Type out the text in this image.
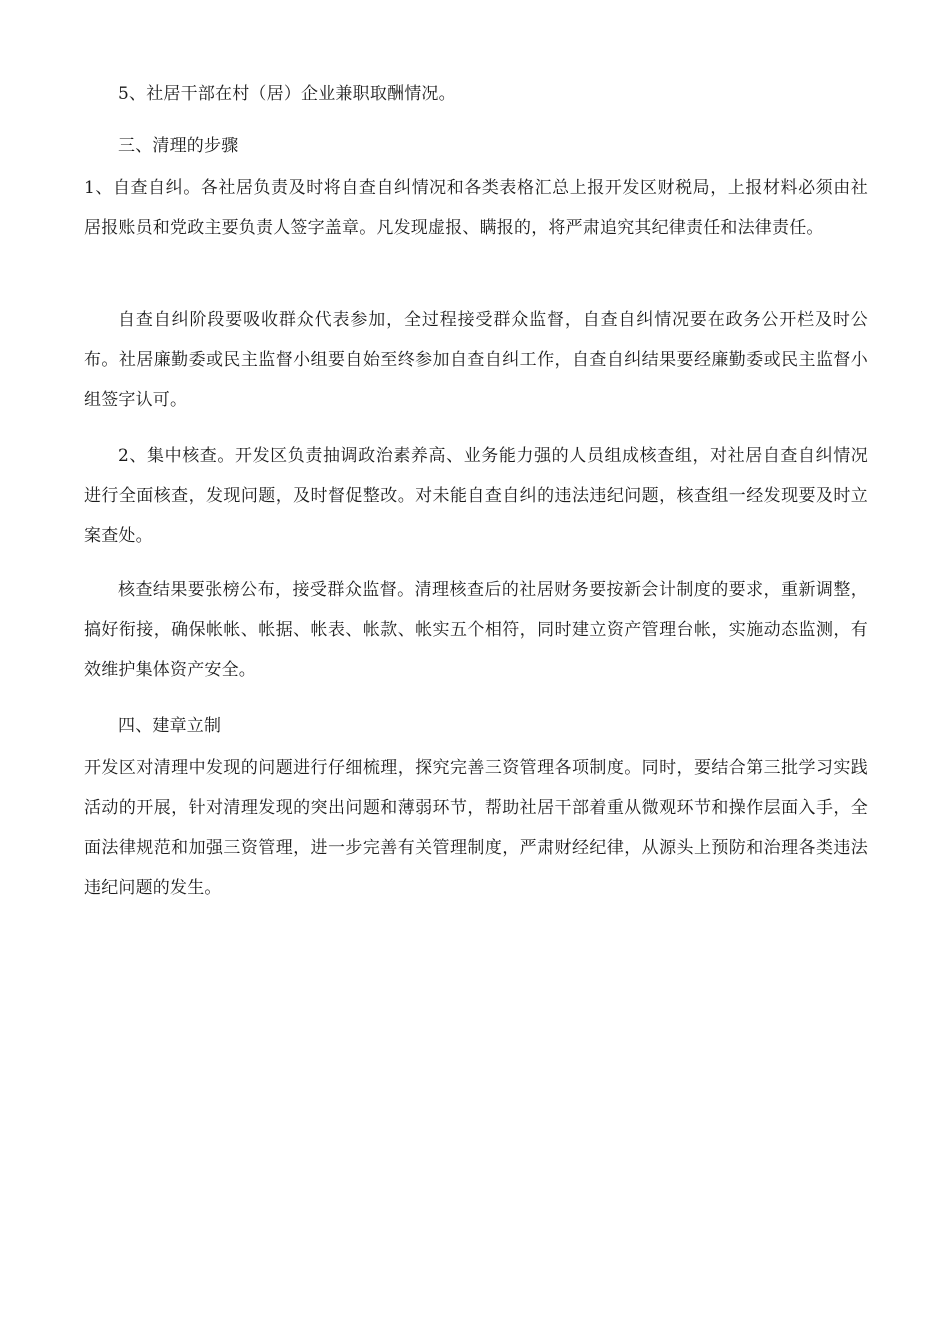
5、社居干部在村（居）企业兼职取酬情况。

三、清理的步骤

1、自查自纠。各社居负责及时将自查自纠情况和各类表格汇总上报开发区财税局，上报材料必须由社居报账员和党政主要负责人签字盖章。凡发现虚报、瞒报的，将严肃追究其纪律责任和法律责任。

自查自纠阶段要吸收群众代表参加，全过程接受群众监督，自查自纠情况要在政务公开栏及时公布。社居廉勤委或民主监督小组要自始至终参加自查自纠工作，自查自纠结果要经廉勤委或民主监督小组签字认可。

2、集中核查。开发区负责抽调政治素养高、业务能力强的人员组成核查组，对社居自查自纠情况进行全面核查，发现问题，及时督促整改。对未能自查自纠的违法违纪问题，核查组一经发现要及时立案查处。

核查结果要张榜公布，接受群众监督。清理核查后的社居财务要按新会计制度的要求，重新调整，搞好衔接，确保帐帐、帐据、帐表、帐款、帐实五个相符，同时建立资产管理台帐，实施动态监测，有效维护集体资产安全。

四、建章立制

开发区对清理中发现的问题进行仔细梳理，探究完善三资管理各项制度。同时，要结合第三批学习实践活动的开展，针对清理发现的突出问题和薄弱环节，帮助社居干部着重从微观环节和操作层面入手，全面法律规范和加强三资管理，进一步完善有关管理制度，严肃财经纪律，从源头上预防和治理各类违法违纪问题的发生。
